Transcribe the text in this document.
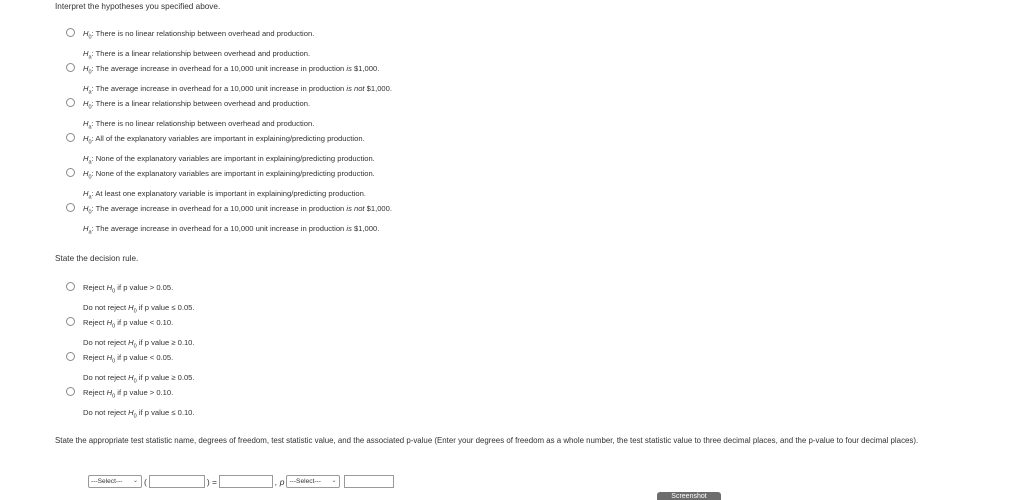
Interpret the hypotheses you specified above.
$H_0$: There is no linear relationship between overhead and production.
$H_a$: There is a linear relationship between overhead and production.
$H_0$: The average increase in overhead for a 10,000 unit increase in production is $1,000.
$H_a$: The average increase in overhead for a 10,000 unit increase in production is not $1,000.
$H_0$: There is a linear relationship between overhead and production.
$H_a$: There is no linear relationship between overhead and production.
$H_0$: All of the explanatory variables are important in explaining/predicting production.
$H_a$: None of the explanatory variables are important in explaining/predicting production.
$H_0$: None of the explanatory variables are important in explaining/predicting production.
$H_a$: At least one explanatory variable is important in explaining/predicting production.
$H_0$: The average increase in overhead for a 10,000 unit increase in production is not $1,000.
$H_a$: The average increase in overhead for a 10,000 unit increase in production is $1,000.
State the decision rule.
Reject $H_0$ if p value > 0.05.
Do not reject $H_0$ if p value ≤ 0.05.
Reject $H_0$ if p value < 0.10.
Do not reject $H_0$ if p value ≥ 0.10.
Reject $H_0$ if p value < 0.05.
Do not reject $H_0$ if p value ≥ 0.05.
Reject $H_0$ if p value > 0.10.
Do not reject $H_0$ if p value ≤ 0.10.
State the appropriate test statistic name, degrees of freedom, test statistic value, and the associated p-value (Enter your degrees of freedom as a whole number, the test statistic value to three decimal places, and the p-value to four decimal places).
---Select--- ⌄ (	) =	, p ---Select--- ⌄
Screenshot
